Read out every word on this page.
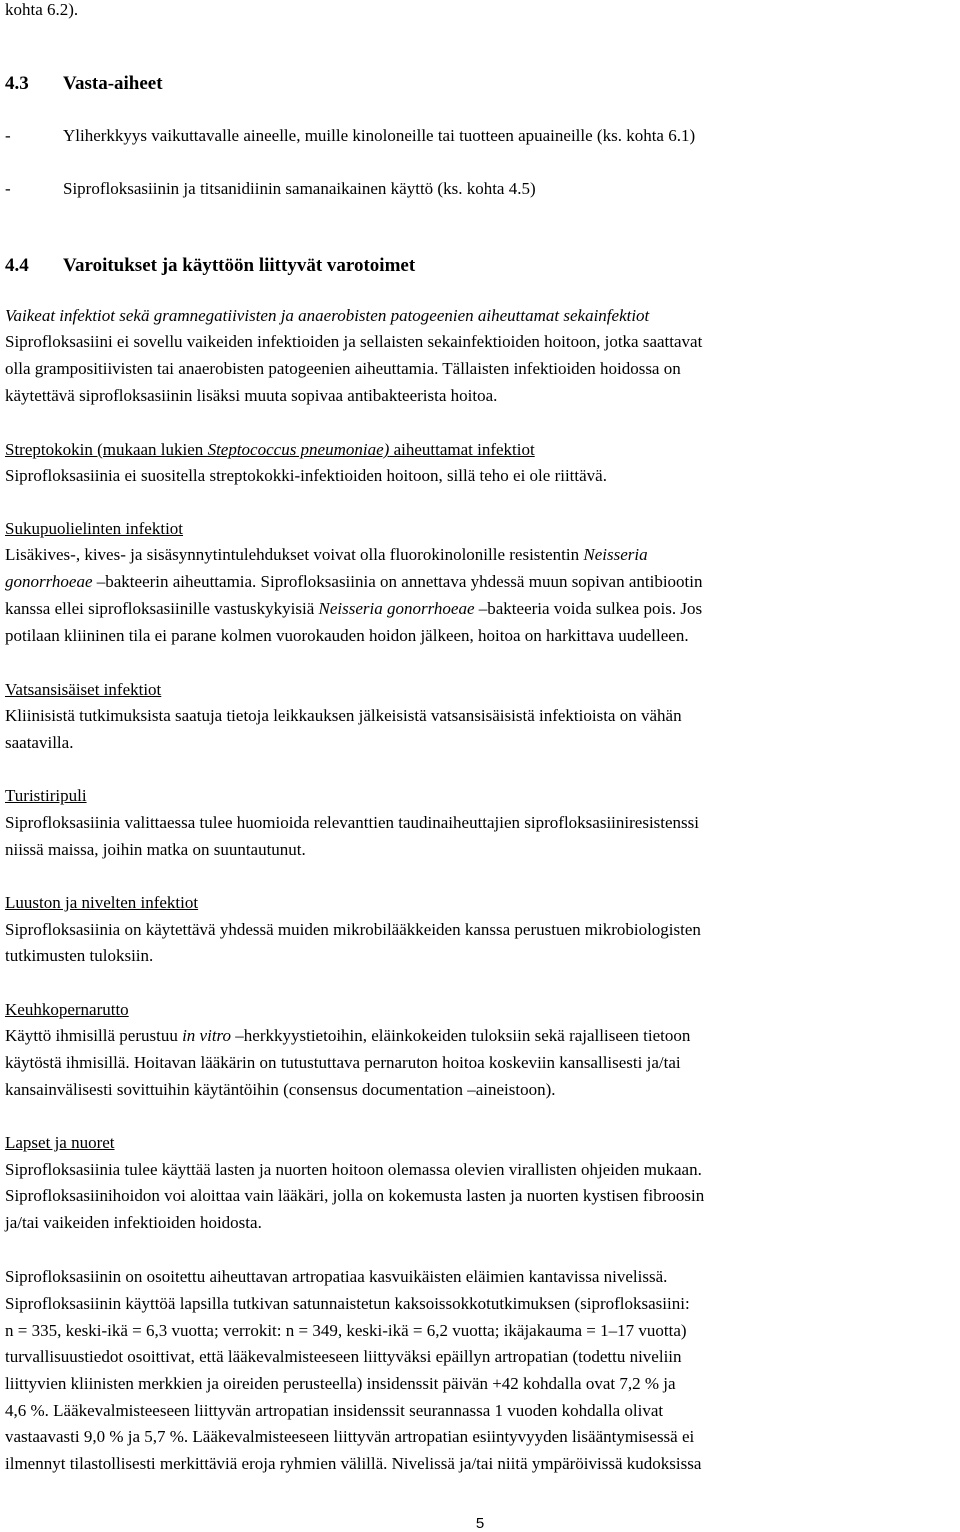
kohta 6.2).
4.3 Vasta-aiheet
-	Yliherkkyys vaikuttavalle aineelle, muille kinoloneille tai tuotteen apuaineille (ks. kohta 6.1)
-	Siprofloksasiinin ja titsanidiinin samanaikainen käyttö (ks. kohta 4.5)
4.4 Varoitukset ja käyttöön liittyvät varotoimet
Vaikeat infektiot sekä gramnegatiivisten ja anaerobisten patogeenien aiheuttamat sekainfektiot
Siprofloksasiini ei sovellu vaikeiden infektioiden ja sellaisten sekainfektioiden hoitoon, jotka saattavat
olla grampositiivisten tai anaerobisten patogeenien aiheuttamia. Tällaisten infektioiden hoidossa on
käytettävä siprofloksasiinin lisäksi muuta sopivaa antibakteerista hoitoa.
Streptokokin (mukaan lukien Steptococcus pneumoniae) aiheuttamat infektiot
Siprofloksasiinia ei suositella streptokokki-infektioiden hoitoon, sillä teho ei ole riittävä.
Sukupuolielinten infektiot
Lisäkives-, kives- ja sisäsynnytintulehdukset voivat olla fluorokinolonille resistentin Neisseria
gonorrhoeae –bakteerin aiheuttamia. Siprofloksasiinia on annettava yhdessä muun sopivan antibiootin
kanssa ellei siprofloksasiinille vastuskykyisiä Neisseria gonorrhoeae –bakteeria voida sulkea pois. Jos
potilaan kliininen tila ei parane kolmen vuorokauden hoidon jälkeen, hoitoa on harkittava uudelleen.
Vatsansisäiset infektiot
Kliinisistä tutkimuksista saatuja tietoja leikkauksen jälkeisistä vatsansisäisistä infektioista on vähän
saatavilla.
Turistiripuli
Siprofloksasiinia valittaessa tulee huomioida relevanttien taudinaiheuttajien siprofloksasiiniresistenssi
niissä maissa, joihin matka on suuntautunut.
Luuston ja nivelten infektiot
Siprofloksasiinia on käytettävä yhdessä muiden mikrobilääkkeiden kanssa perustuen mikrobiologisten
tutkimusten tuloksiin.
Keuhkopernarutto
Käyttö ihmisillä perustuu in vitro –herkkyystietoihin, eläinkokeiden tuloksiin sekä rajalliseen tietoon
käytöstä ihmisillä. Hoitavan lääkärin on tutustuttava pernaruton hoitoa koskeviin kansallisesti ja/tai
kansainvälisesti sovittuihin käytäntöihin (consensus documentation –aineistoon).
Lapset ja nuoret
Siprofloksasiinia tulee käyttää lasten ja nuorten hoitoon olemassa olevien virallisten ohjeiden mukaan.
Siprofloksasiinihoidon voi aloittaa vain lääkäri, jolla on kokemusta lasten ja nuorten kystisen fibroosin
ja/tai vaikeiden infektioiden hoidosta.
Siprofloksasiinin on osoitettu aiheuttavan artropatiaa kasvuikäisten eläimien kantavissa nivelissä.
Siprofloksasiinin käyttöä lapsilla tutkivan satunnaistetun kaksoissokkotutkimuksen (siprofloksasiini:
n = 335, keski-ikä = 6,3 vuotta; verrokit: n = 349, keski-ikä = 6,2 vuotta; ikäjakauma = 1–17 vuotta)
turvallisuustiedot osoittivat, että lääkevalmisteeseen liittyväksi epäillyn artropatian (todettu niveliin
liittyvien kliinisten merkkien ja oireiden perusteella) insidenssit päivän +42 kohdalla ovat 7,2 % ja
4,6 %. Lääkevalmisteeseen liittyvän artropatian insidenssit seurannassa 1 vuoden kohdalla olivat
vastaavasti 9,0 % ja 5,7 %. Lääkevalmisteeseen liittyvän artropatian esiintyvyyden lisääntymisessä ei
ilmennyt tilastollisesti merkittäviä eroja ryhmien välillä. Nivelissä ja/tai niitä ympäröivissä kudoksissa
5
